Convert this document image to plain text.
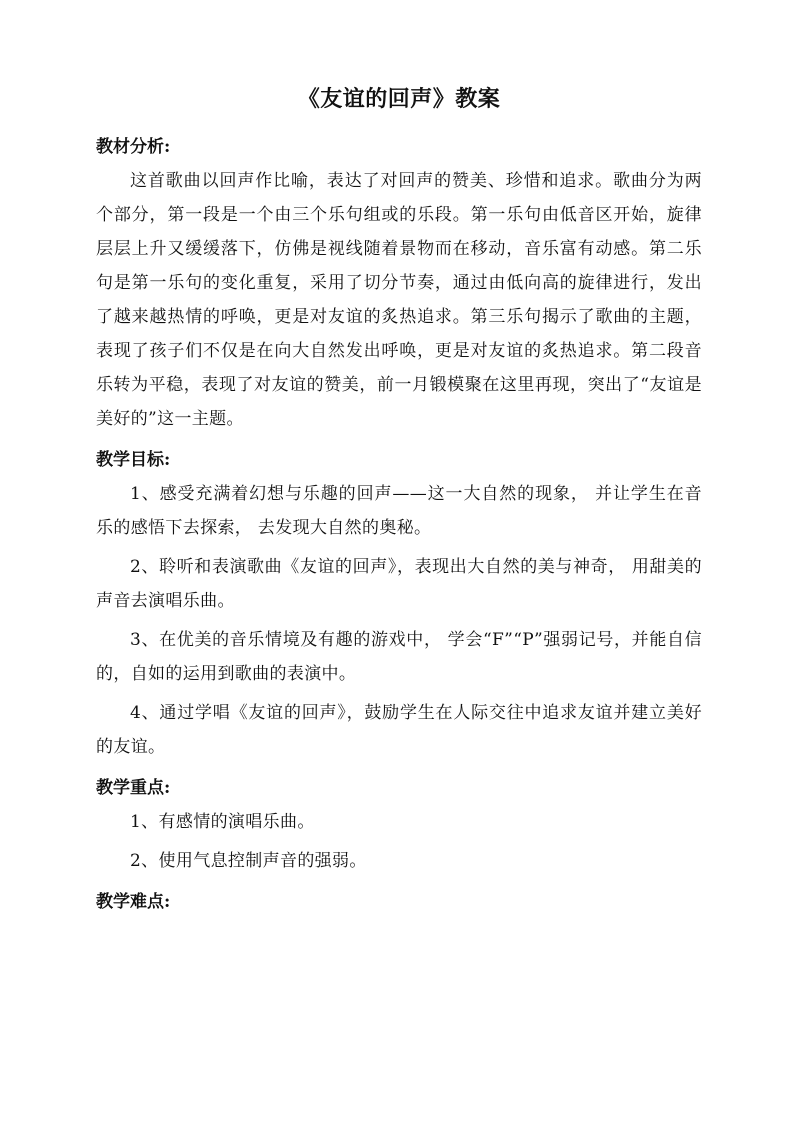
《友谊的回声》教案
教材分析:

这首歌曲以回声作比喻，表达了对回声的赞美、珍惜和追求。歌曲分为两个部分，第一段是一个由三个乐句组或的乐段。第一乐句由低音区开始，旋律层层上升又缓缓落下，仿佛是视线随着景物而在移动，音乐富有动感。第二乐句是第一乐句的变化重复，采用了切分节奏，通过由低向高的旋律进行，发出了越来越热情的呼唤，更是对友谊的炙热追求。第三乐句揭示了歌曲的主题，表现了孩子们不仅是在向大自然发出呼唤，更是对友谊的炙热追求。第二段音乐转为平稳，表现了对友谊的赞美，前一月锻模聚在这里再现，突出了“友谊是美好的”这一主题。

教学目标:

1、感受充满着幻想与乐趣的回声——这一大自然的现象， 并让学生在音乐的感悟下去探索， 去发现大自然的奥秘。

2、聆听和表演歌曲《友谊的回声》，表现出大自然的美与神奇， 用甜美的声音去演唱乐曲。

3、在优美的音乐情境及有趣的游戏中， 学会“F”“P”强弱记号，并能自信的，自如的运用到歌曲的表演中。

4、通过学唱《友谊的回声》，鼓励学生在人际交往中追求友谊并建立美好的友谊。

教学重点:

1、有感情的演唱乐曲。

2、使用气息控制声音的强弱。

教学难点:
